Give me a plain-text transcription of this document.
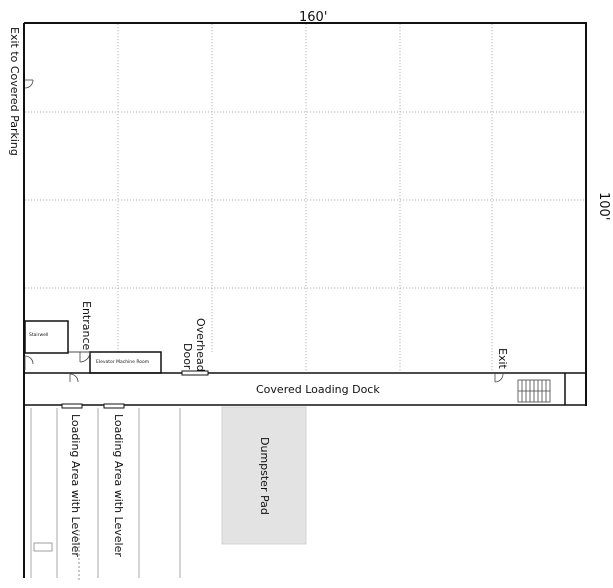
160'
100'
Exit to Covered Parking
Entrance
Stairwell
Elevator Machine Room	Overhead
Door	Exit
Covered Loading Dock
Loading Area with Leveler	Loading Area with Leveler	Dumpster Pad
